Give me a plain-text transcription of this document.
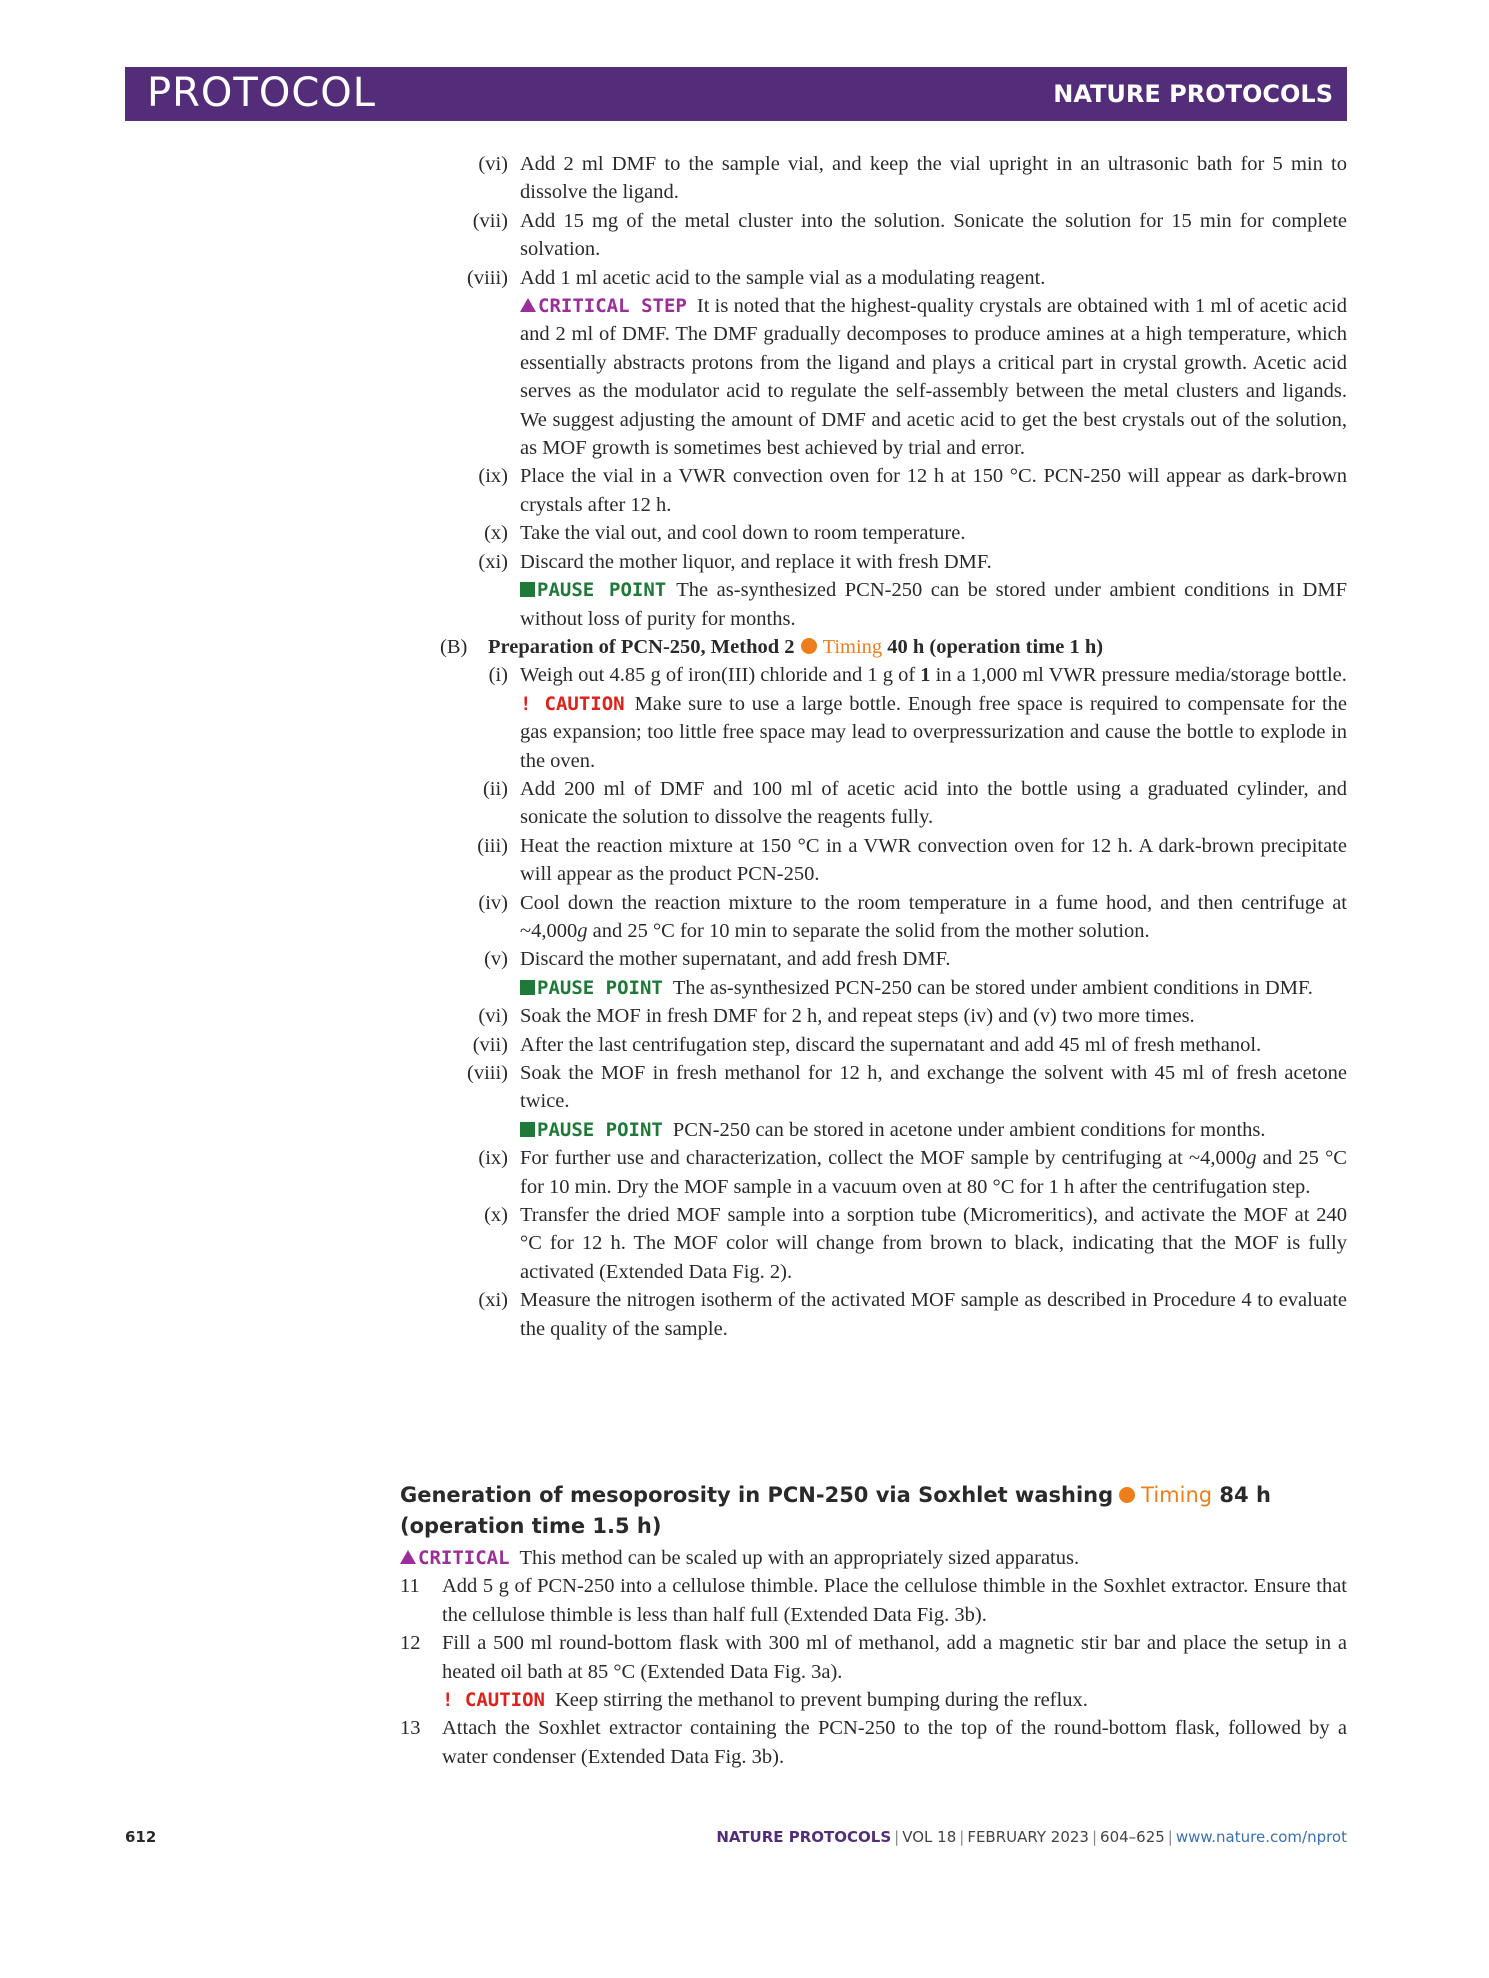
PROTOCOL	NATURE PROTOCOLS
(vi) Add 2 ml DMF to the sample vial, and keep the vial upright in an ultrasonic bath for 5 min to dissolve the ligand.
(vii) Add 15 mg of the metal cluster into the solution. Sonicate the solution for 15 min for complete solvation.
(viii) Add 1 ml acetic acid to the sample vial as a modulating reagent.
CRITICAL STEP It is noted that the highest-quality crystals are obtained with 1 ml of acetic acid and 2 ml of DMF. The DMF gradually decomposes to produce amines at a high temperature, which essentially abstracts protons from the ligand and plays a critical part in crystal growth. Acetic acid serves as the modulator acid to regulate the self-assembly between the metal clusters and ligands. We suggest adjusting the amount of DMF and acetic acid to get the best crystals out of the solution, as MOF growth is sometimes best achieved by trial and error.
(ix) Place the vial in a VWR convection oven for 12 h at 150 °C. PCN-250 will appear as dark-brown crystals after 12 h.
(x) Take the vial out, and cool down to room temperature.
(xi) Discard the mother liquor, and replace it with fresh DMF.
PAUSE POINT The as-synthesized PCN-250 can be stored under ambient conditions in DMF without loss of purity for months.
(B) Preparation of PCN-250, Method 2 Timing 40 h (operation time 1 h)
(i) Weigh out 4.85 g of iron(III) chloride and 1 g of 1 in a 1,000 ml VWR pressure media/storage bottle.
! CAUTION Make sure to use a large bottle. Enough free space is required to compensate for the gas expansion; too little free space may lead to overpressurization and cause the bottle to explode in the oven.
(ii) Add 200 ml of DMF and 100 ml of acetic acid into the bottle using a graduated cylinder, and sonicate the solution to dissolve the reagents fully.
(iii) Heat the reaction mixture at 150 °C in a VWR convection oven for 12 h. A dark-brown precipitate will appear as the product PCN-250.
(iv) Cool down the reaction mixture to the room temperature in a fume hood, and then centrifuge at ~4,000g and 25 °C for 10 min to separate the solid from the mother solution.
(v) Discard the mother supernatant, and add fresh DMF.
PAUSE POINT The as-synthesized PCN-250 can be stored under ambient conditions in DMF.
(vi) Soak the MOF in fresh DMF for 2 h, and repeat steps (iv) and (v) two more times.
(vii) After the last centrifugation step, discard the supernatant and add 45 ml of fresh methanol.
(viii) Soak the MOF in fresh methanol for 12 h, and exchange the solvent with 45 ml of fresh acetone twice.
PAUSE POINT PCN-250 can be stored in acetone under ambient conditions for months.
(ix) For further use and characterization, collect the MOF sample by centrifuging at ~4,000g and 25 °C for 10 min. Dry the MOF sample in a vacuum oven at 80 °C for 1 h after the centrifugation step.
(x) Transfer the dried MOF sample into a sorption tube (Micromeritics), and activate the MOF at 240 °C for 12 h. The MOF color will change from brown to black, indicating that the MOF is fully activated (Extended Data Fig. 2).
(xi) Measure the nitrogen isotherm of the activated MOF sample as described in Procedure 4 to evaluate the quality of the sample.
Generation of mesoporosity in PCN-250 via Soxhlet washing Timing 84 h (operation time 1.5 h)
CRITICAL This method can be scaled up with an appropriately sized apparatus.
11 Add 5 g of PCN-250 into a cellulose thimble. Place the cellulose thimble in the Soxhlet extractor. Ensure that the cellulose thimble is less than half full (Extended Data Fig. 3b).
12 Fill a 500 ml round-bottom flask with 300 ml of methanol, add a magnetic stir bar and place the setup in a heated oil bath at 85 °C (Extended Data Fig. 3a).
! CAUTION Keep stirring the methanol to prevent bumping during the reflux.
13 Attach the Soxhlet extractor containing the PCN-250 to the top of the round-bottom flask, followed by a water condenser (Extended Data Fig. 3b).
612	NATURE PROTOCOLS | VOL 18 | FEBRUARY 2023 | 604–625 | www.nature.com/nprot
